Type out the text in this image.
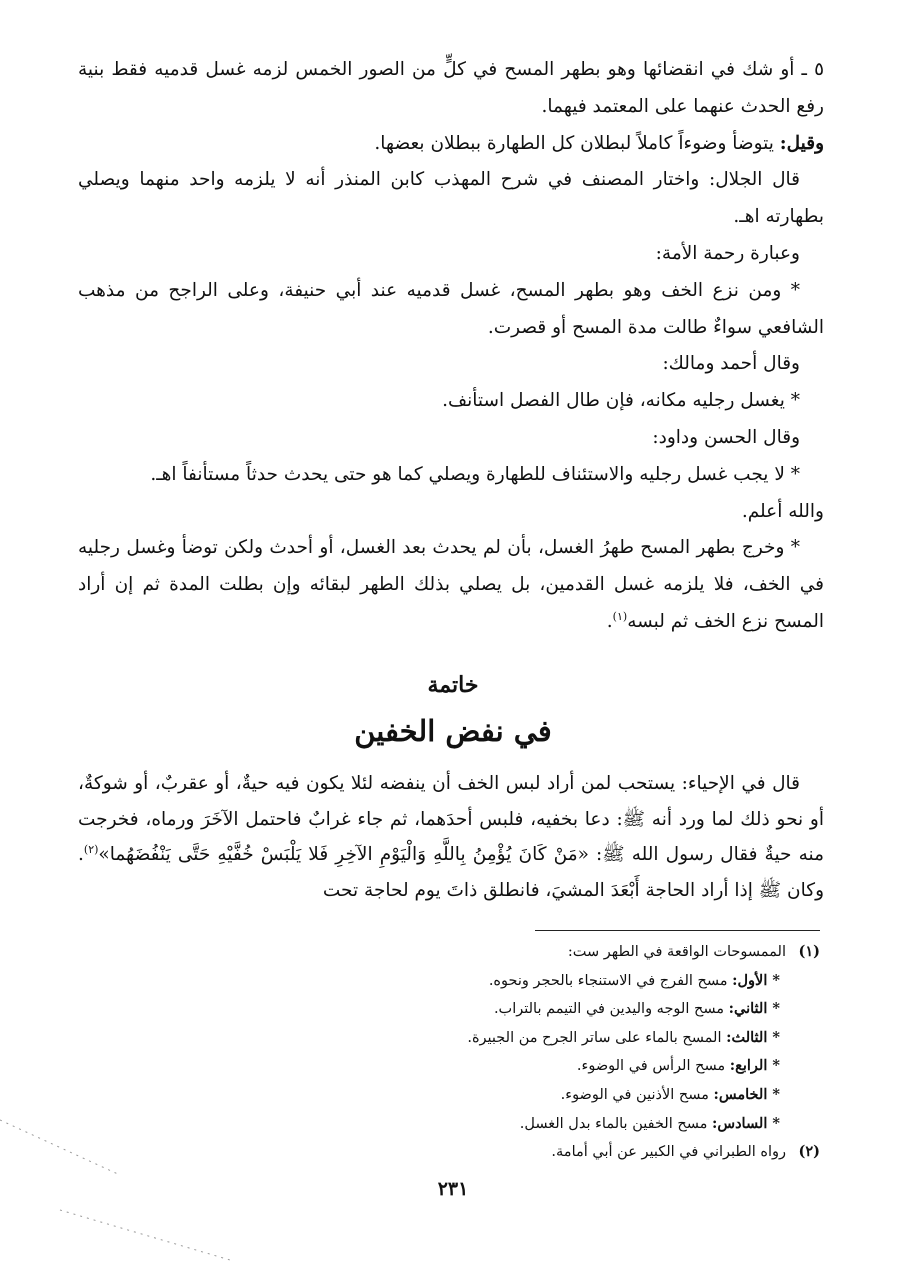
٥ ـ أو شك في انقضائها وهو بطهر المسح في كلٍّ من الصور الخمس لزمه غسل قدميه فقط بنية رفع الحدث عنهما على المعتمد فيهما.

وقيل: يتوضأ وضوءاً كاملاً لبطلان كل الطهارة ببطلان بعضها.

قال الجلال: واختار المصنف في شرح المهذب كابن المنذر أنه لا يلزمه واحد منهما ويصلي بطهارته اهـ.

وعبارة رحمة الأمة:

* ومن نزع الخف وهو بطهر المسح، غسل قدميه عند أبي حنيفة، وعلى الراجح من مذهب الشافعي سواءٌ طالت مدة المسح أو قصرت.

وقال أحمد ومالك:

* يغسل رجليه مكانه، فإن طال الفصل استأنف.

وقال الحسن وداود:

* لا يجب غسل رجليه والاستئناف للطهارة ويصلي كما هو حتى يحدث حدثاً مستأنفاً اهـ.

والله أعلم.

* وخرج بطهر المسح طهرُ الغسل، بأن لم يحدث بعد الغسل، أو أحدث ولكن توضأ وغسل رجليه في الخف، فلا يلزمه غسل القدمين، بل يصلي بذلك الطهر لبقائه وإن بطلت المدة ثم إن أراد المسح نزع الخف ثم لبسه$^{(١)}$.

خاتمة
في نفض الخفين

قال في الإحياء: يستحب لمن أراد لبس الخف أن ينفضه لئلا يكون فيه حيةٌ، أو عقربٌ، أو شوكةٌ، أو نحو ذلك لما ورد أنه ﷺ: دعا بخفيه، فلبس أحدَهما، ثم جاء غرابٌ فاحتمل الآخَرَ ورماه، فخرجت منه حيةٌ فقال رسول الله ﷺ: «مَنْ كَانَ يُؤْمِنُ بِاللَّهِ وَالْيَوْمِ الآخِرِ فَلا يَلْبَسْ خُفَّيْهِ حَتَّى يَنْفُضَهُما»$^{(٢)}$. وكان ﷺ إذا أراد الحاجة أَبْعَدَ المشيَ، فانطلق ذاتَ يوم لحاجة تحت

(١)الممسوحات الواقعة في الطهر ست:

* الأول: مسح الفرج في الاستنجاء بالحجر ونحوه.

* الثاني: مسح الوجه واليدين في التيمم بالتراب.

* الثالث: المسح بالماء على ساتر الجرح من الجبيرة.

* الرابع: مسح الرأس في الوضوء.

* الخامس: مسح الأذنين في الوضوء.

* السادس: مسح الخفين بالماء بدل الغسل.

(٢)رواه الطبراني في الكبير عن أبي أمامة.

٢٣١
